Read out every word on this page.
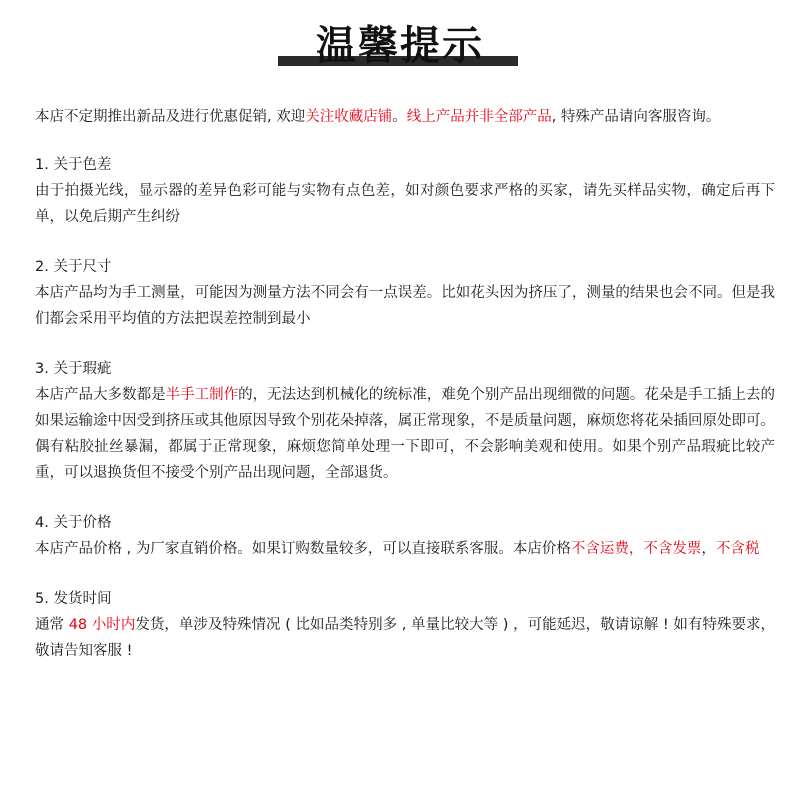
温馨提示

本店不定期推出新品及进行优惠促销, 欢迎关注收藏店铺。线上产品并非全部产品, 特殊产品请向客服咨询。

1. 关于色差

由于拍摄光线，显示器的差异色彩可能与实物有点色差，如对颜色要求严格的买家，请先买样品实物，确定后再下单，以免后期产生纠纷

2. 关于尺寸

本店产品均为手工测量，可能因为测量方法不同会有一点误差。比如花头因为挤压了，测量的结果也会不同。但是我们都会采用平均值的方法把误差控制到最小

3. 关于瑕疵

本店产品大多数都是半手工制作的，无法达到机械化的统标准，难免个别产品出现细微的问题。花朵是手工插上去的如果运输途中因受到挤压或其他原因导致个别花朵掉落，属正常现象，不是质量问题，麻烦您将花朵插回原处即可。偶有粘胶扯丝暴漏，都属于正常现象，麻烦您简单处理一下即可，不会影响美观和使用。如果个别产品瑕疵比较产重，可以退换货但不接受个别产品出现问题，全部退货。

4. 关于价格

本店产品价格 , 为厂家直销价格。如果订购数量较多，可以直接联系客服。本店价格不含运费，不含发票，不含税

5. 发货时间

通常 48 小时内发货，单涉及特殊情况 ( 比如品类特别多 , 单量比较大等 ) ，可能延迟，敬请谅解 ! 如有特殊要求，敬请告知客服 !
